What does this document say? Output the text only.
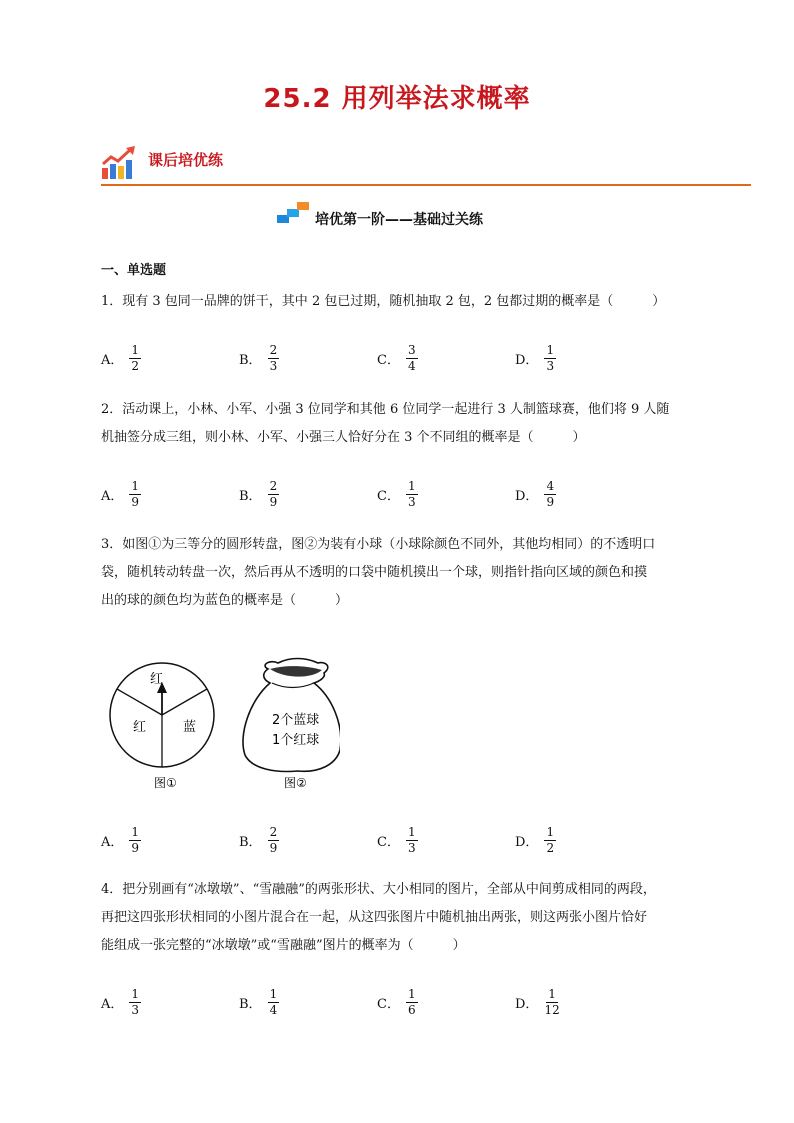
25.2 用列举法求概率
课后培优练
培优第一阶——基础过关练
一、单选题
1．现有 3 包同一品牌的饼干，其中 2 包已过期，随机抽取 2 包，2 包都过期的概率是（　　　）
A． $\frac{1}{2}$	B． $\frac{2}{3}$	C． $\frac{3}{4}$	D． $\frac{1}{3}$
2．活动课上，小林、小军、小强 3 位同学和其他 6 位同学一起进行 3 人制篮球赛，他们将 9 人随
机抽签分成三组，则小林、小军、小强三人恰好分在 3 个不同组的概率是（　　　）
A． $\frac{1}{9}$	B． $\frac{2}{9}$	C． $\frac{1}{3}$	D． $\frac{4}{9}$
3．如图①为三等分的圆形转盘，图②为装有小球（小球除颜色不同外，其他均相同）的不透明口
袋，随机转动转盘一次，然后再从不透明的口袋中随机摸出一个球，则指针指向区域的颜色和摸
出的球的颜色均为蓝色的概率是（　　　）
红
红	蓝
图①
2个蓝球
1个红球
图②
A． $\frac{1}{9}$	B． $\frac{2}{9}$	C． $\frac{1}{3}$	D． $\frac{1}{2}$
4．把分别画有“冰墩墩”、“雪融融”的两张形状、大小相同的图片，全部从中间剪成相同的两段，
再把这四张形状相同的小图片混合在一起，从这四张图片中随机抽出两张，则这两张小图片恰好
能组成一张完整的“冰墩墩”或“雪融融”图片的概率为（　　　）
A． $\frac{1}{3}$	B． $\frac{1}{4}$	C． $\frac{1}{6}$	D． $\frac{1}{12}$
